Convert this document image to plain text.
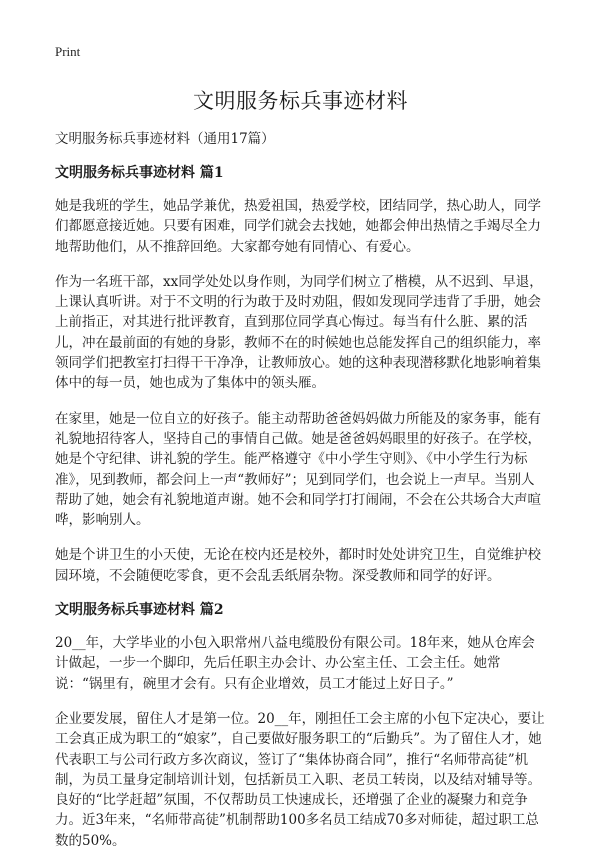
Print
文明服务标兵事迹材料
文明服务标兵事迹材料（通用17篇）
文明服务标兵事迹材料 篇1

她是我班的学生，她品学兼优，热爱祖国，热爱学校，团结同学，热心助人，同学们都愿意接近她。只要有困难，同学们就会去找她，她都会伸出热情之手竭尽全力地帮助他们，从不推辞回绝。大家都夸她有同情心、有爱心。

作为一名班干部，xx同学处处以身作则，为同学们树立了楷模，从不迟到、早退，上课认真听讲。对于不文明的行为敢于及时劝阻，假如发现同学违背了手册，她会上前指正，对其进行批评教育，直到那位同学真心悔过。每当有什么脏、累的活儿，冲在最前面的有她的身影，教师不在的时候她也总能发挥自己的组织能力，率领同学们把教室打扫得干干净净，让教师放心。她的这种表现潜移默化地影响着集体中的每一员，她也成为了集体中的领头雁。

在家里，她是一位自立的好孩子。能主动帮助爸爸妈妈做力所能及的家务事，能有礼貌地招待客人，坚持自己的事情自己做。她是爸爸妈妈眼里的好孩子。在学校，她是个守纪律、讲礼貌的学生。能严格遵守《中小学生守则》、《中小学生行为标准》，见到教师，都会问上一声“教师好”；见到同学们，也会说上一声早。当别人帮助了她，她会有礼貌地道声谢。她不会和同学打打闹闹，不会在公共场合大声喧哗，影响别人。

她是个讲卫生的小天使，无论在校内还是校外，都时时处处讲究卫生，自觉维护校园环境，不会随便吃零食，更不会乱丢纸屑杂物。深受教师和同学的好评。

文明服务标兵事迹材料 篇2

20__年，大学毕业的小包入职常州八益电缆股份有限公司。18年来，她从仓库会计做起，一步一个脚印，先后任职主办会计、办公室主任、工会主任。她常说：“锅里有，碗里才会有。只有企业增效，员工才能过上好日子。”

企业要发展，留住人才是第一位。20__年，刚担任工会主席的小包下定决心，要让工会真正成为职工的“娘家”，自己要做好服务职工的“后勤兵”。为了留住人才，她代表职工与公司行政方多次商议，签订了“集体协商合同”，推行“名师带高徒”机制，为员工量身定制培训计划，包括新员工入职、老员工转岗，以及结对辅导等。良好的“比学赶超”氛围，不仅帮助员工快速成长，还增强了企业的凝聚力和竞争力。近3年来，“名师带高徒”机制帮助100多名员工结成70多对师徒，超过职工总数的50%。
